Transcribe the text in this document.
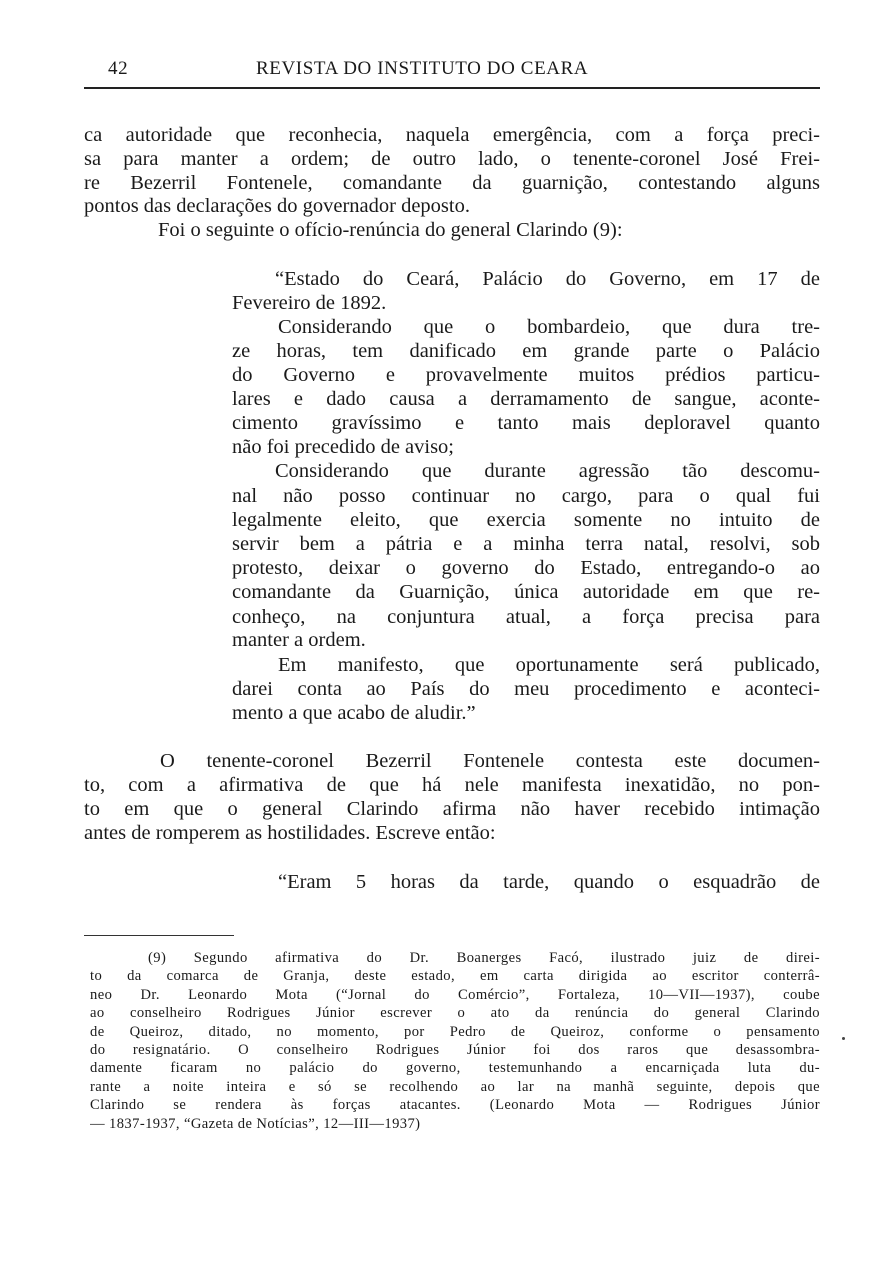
42	REVISTA DO INSTITUTO DO CEARA
ca autoridade que reconhecia, naquela emergência, com a força preci-
sa para manter a ordem; de outro lado, o tenente-coronel José Frei-
re Bezerril Fontenele, comandante da guarnição, contestando alguns
pontos das declarações do governador deposto.
Foi o seguinte o ofício-renúncia do general Clarindo (9):
“Estado do Ceará, Palácio do Governo, em 17 de
Fevereiro de 1892.
Considerando que o bombardeio, que dura tre-
ze horas, tem danificado em grande parte o Palácio
do Governo e provavelmente muitos prédios particu-
lares e dado causa a derramamento de sangue, aconte-
cimento gravíssimo e tanto mais deploravel quanto
não foi precedido de aviso;
Considerando que durante agressão tão descomu-
nal não posso continuar no cargo, para o qual fui
legalmente eleito, que exercia somente no intuito de
servir bem a pátria e a minha terra natal, resolvi, sob
protesto, deixar o governo do Estado, entregando-o ao
comandante da Guarnição, única autoridade em que re-
conheço, na conjuntura atual, a força precisa para
manter a ordem.
Em manifesto, que oportunamente será publicado,
darei conta ao País do meu procedimento e aconteci-
mento a que acabo de aludir.”
O tenente-coronel Bezerril Fontenele contesta este documen-
to, com a afirmativa de que há nele manifesta inexatidão, no pon-
to em que o general Clarindo afirma não haver recebido intimação
antes de romperem as hostilidades. Escreve então:
“Eram 5 horas da tarde, quando o esquadrão de
(9) Segundo afirmativa do Dr. Boanerges Facó, ilustrado juiz de direi-
to da comarca de Granja, deste estado, em carta dirigida ao escritor conterrâ-
neo Dr. Leonardo Mota (“Jornal do Comércio”, Fortaleza, 10—VII—1937), coube
ao conselheiro Rodrigues Júnior escrever o ato da renúncia do general Clarindo
de Queiroz, ditado, no momento, por Pedro de Queiroz, conforme o pensamento
do resignatário. O conselheiro Rodrigues Júnior foi dos raros que desassombra-
damente ficaram no palácio do governo, testemunhando a encarniçada luta du-
rante a noite inteira e só se recolhendo ao lar na manhã seguinte, depois que
Clarindo se rendera às forças atacantes. (Leonardo Mota — Rodrigues Júnior
— 1837-1937, “Gazeta de Notícias”, 12—III—1937)
